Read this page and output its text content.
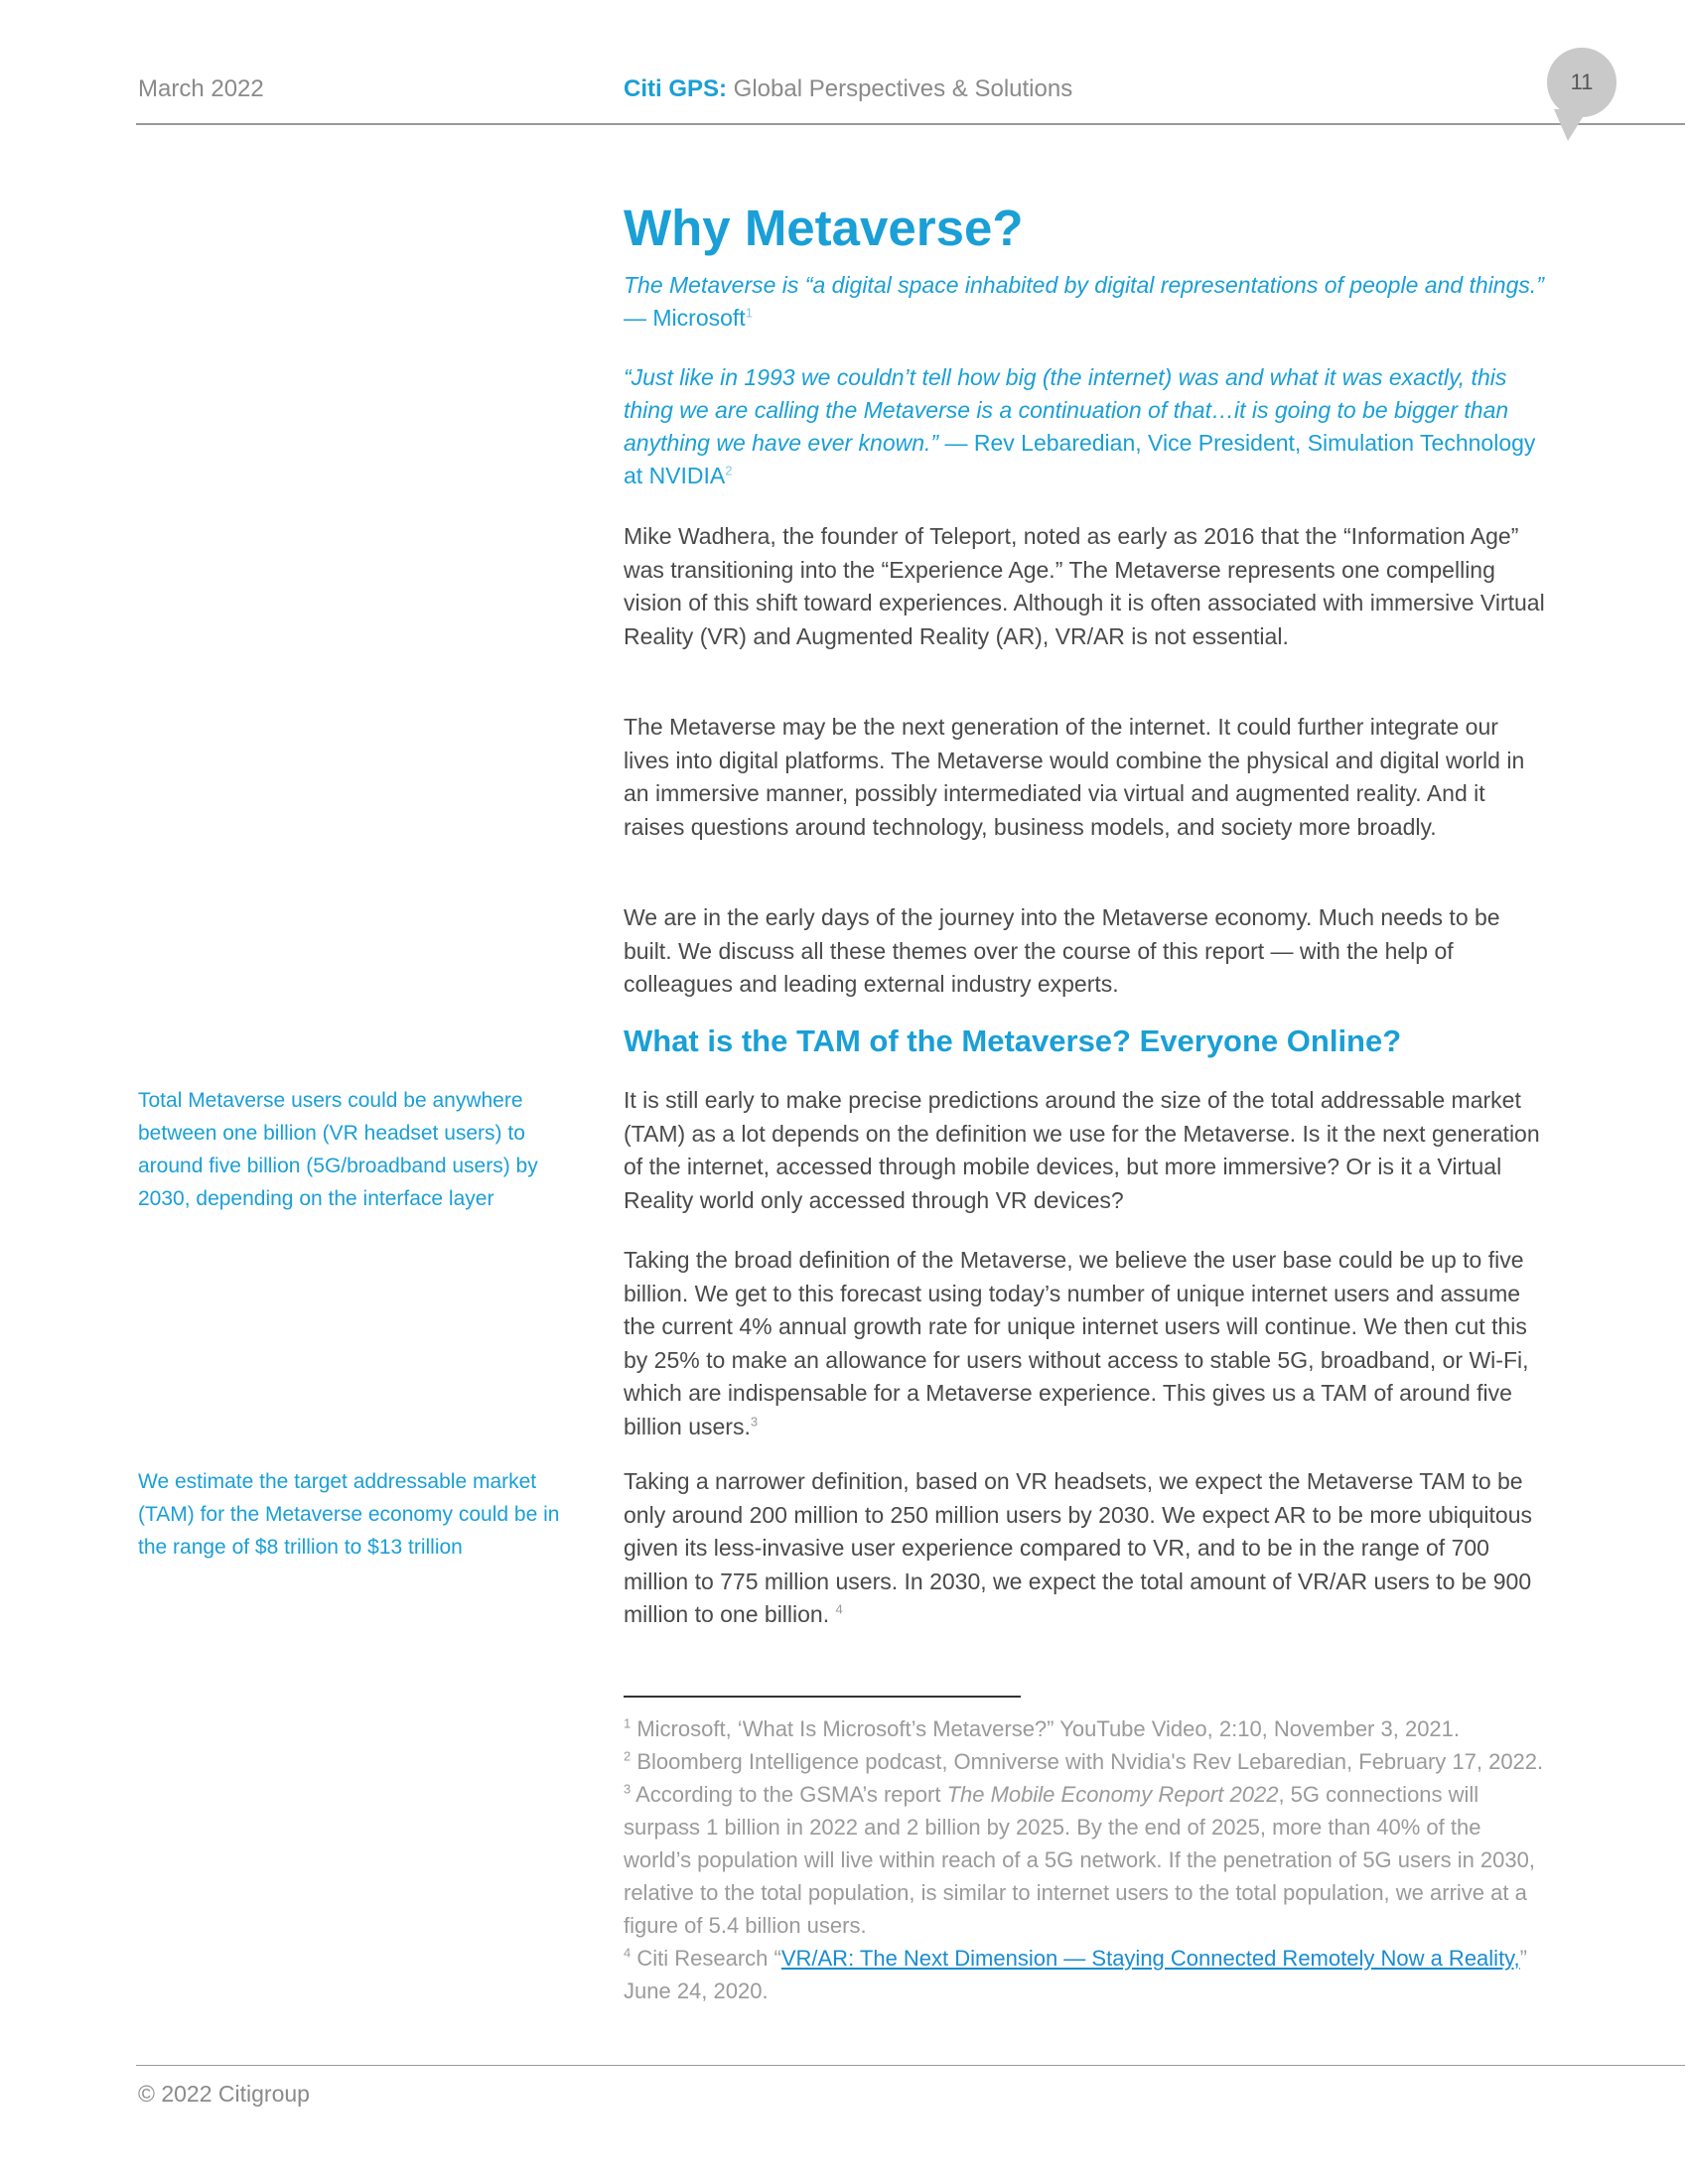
March 2022	Citi GPS: Global Perspectives & Solutions	11
Why Metaverse?
The Metaverse is “a digital space inhabited by digital representations of people and things.” — Microsoft$^1$
“Just like in 1993 we couldn’t tell how big (the internet) was and what it was exactly, this thing we are calling the Metaverse is a continuation of that…it is going to be bigger than anything we have ever known.” — Rev Lebaredian, Vice President, Simulation Technology at NVIDIA$^2$
Mike Wadhera, the founder of Teleport, noted as early as 2016 that the “Information Age” was transitioning into the “Experience Age.” The Metaverse represents one compelling vision of this shift toward experiences. Although it is often associated with immersive Virtual Reality (VR) and Augmented Reality (AR), VR/AR is not essential.
The Metaverse may be the next generation of the internet. It could further integrate our lives into digital platforms. The Metaverse would combine the physical and digital world in an immersive manner, possibly intermediated via virtual and augmented reality. And it raises questions around technology, business models, and society more broadly.
We are in the early days of the journey into the Metaverse economy. Much needs to be built. We discuss all these themes over the course of this report — with the help of colleagues and leading external industry experts.
What is the TAM of the Metaverse? Everyone Online?
Total Metaverse users could be anywhere between one billion (VR headset users) to around five billion (5G/broadband users) by 2030, depending on the interface layer
We estimate the target addressable market (TAM) for the Metaverse economy could be in the range of $8 trillion to $13 trillion
It is still early to make precise predictions around the size of the total addressable market (TAM) as a lot depends on the definition we use for the Metaverse. Is it the next generation of the internet, accessed through mobile devices, but more immersive? Or is it a Virtual Reality world only accessed through VR devices?
Taking the broad definition of the Metaverse, we believe the user base could be up to five billion. We get to this forecast using today’s number of unique internet users and assume the current 4% annual growth rate for unique internet users will continue. We then cut this by 25% to make an allowance for users without access to stable 5G, broadband, or Wi-Fi, which are indispensable for a Metaverse experience. This gives us a TAM of around five billion users.$^3$
Taking a narrower definition, based on VR headsets, we expect the Metaverse TAM to be only around 200 million to 250 million users by 2030. We expect AR to be more ubiquitous given its less-invasive user experience compared to VR, and to be in the range of 700 million to 775 million users. In 2030, we expect the total amount of VR/AR users to be 900 million to one billion. $^4$

$^1$ Microsoft, ‘What Is Microsoft’s Metaverse?” YouTube Video, 2:10, November 3, 2021.

$^2$ Bloomberg Intelligence podcast, Omniverse with Nvidia's Rev Lebaredian, February 17, 2022.

$^3$ According to the GSMA’s report The Mobile Economy Report 2022, 5G connections will surpass 1 billion in 2022 and 2 billion by 2025. By the end of 2025, more than 40% of the world’s population will live within reach of a 5G network. If the penetration of 5G users in 2030, relative to the total population, is similar to internet users to the total population, we arrive at a figure of 5.4 billion users.

$^4$ Citi Research “VR/AR: The Next Dimension — Staying Connected Remotely Now a Reality,” June 24, 2020.

© 2022 Citigroup
